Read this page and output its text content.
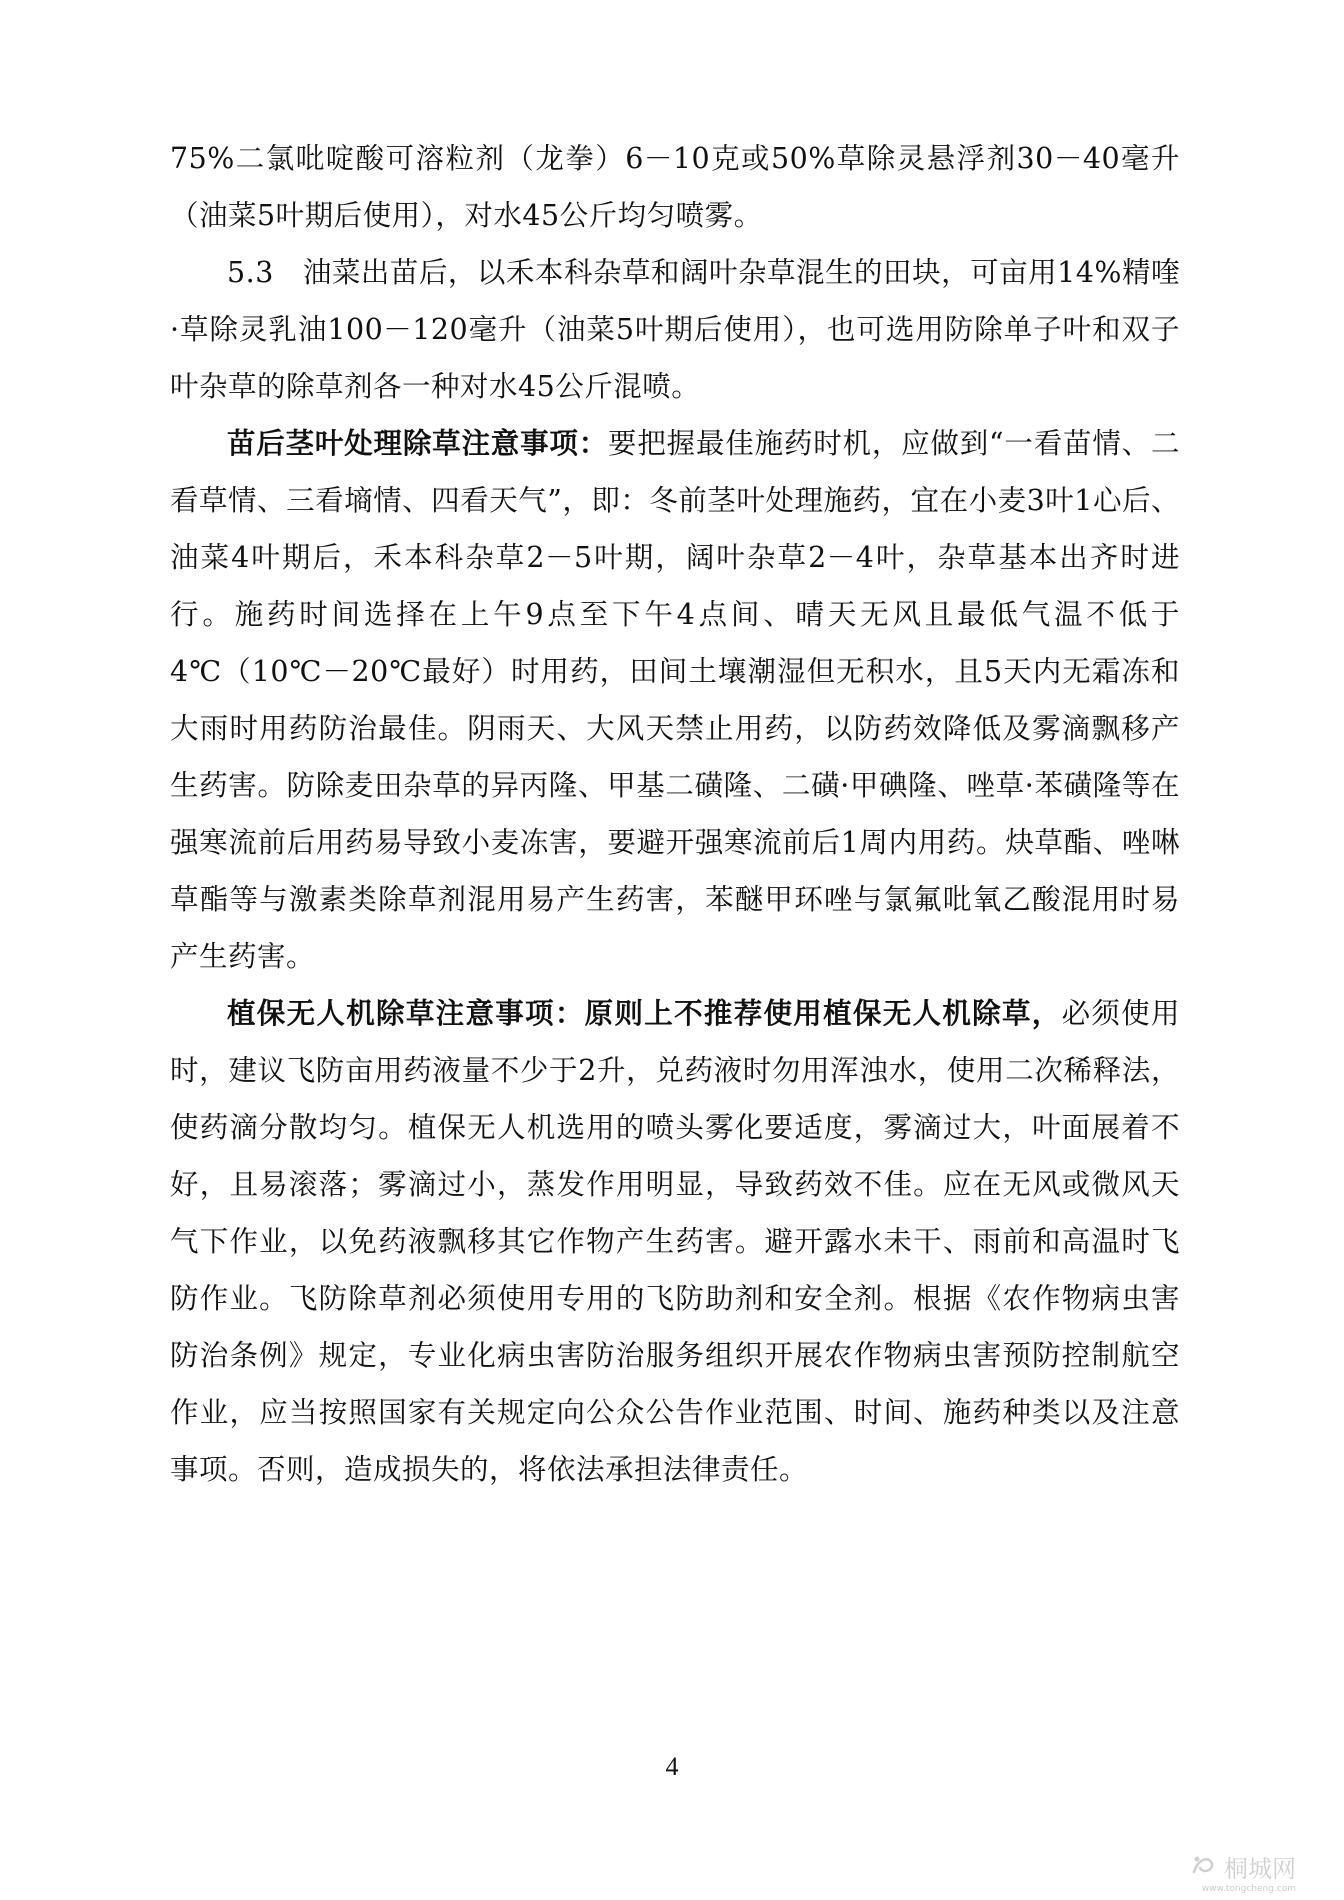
75%二氯吡啶酸可溶粒剂（龙拳）6－10克或50%草除灵悬浮剂30－40毫升（油菜5叶期后使用），对水45公斤均匀喷雾。

5.3　油菜出苗后，以禾本科杂草和阔叶杂草混生的田块，可亩用14%精喹·草除灵乳油100－120毫升（油菜5叶期后使用），也可选用防除单子叶和双子叶杂草的除草剂各一种对水45公斤混喷。

苗后茎叶处理除草注意事项：要把握最佳施药时机，应做到“一看苗情、二看草情、三看墒情、四看天气”，即：冬前茎叶处理施药，宜在小麦3叶1心后、油菜4叶期后，禾本科杂草2－5叶期，阔叶杂草2－4叶，杂草基本出齐时进行。施药时间选择在上午9点至下午4点间、晴天无风且最低气温不低于4℃（10℃－20℃最好）时用药，田间土壤潮湿但无积水，且5天内无霜冻和大雨时用药防治最佳。阴雨天、大风天禁止用药，以防药效降低及雾滴飘移产生药害。防除麦田杂草的异丙隆、甲基二磺隆、二磺·甲碘隆、唑草·苯磺隆等在强寒流前后用药易导致小麦冻害，要避开强寒流前后1周内用药。炔草酯、唑啉草酯等与激素类除草剂混用易产生药害，苯醚甲环唑与氯氟吡氧乙酸混用时易产生药害。

植保无人机除草注意事项：原则上不推荐使用植保无人机除草，必须使用时，建议飞防亩用药液量不少于2升，兑药液时勿用浑浊水，使用二次稀释法，使药滴分散均匀。植保无人机选用的喷头雾化要适度，雾滴过大，叶面展着不好，且易滚落；雾滴过小，蒸发作用明显，导致药效不佳。应在无风或微风天气下作业，以免药液飘移其它作物产生药害。避开露水未干、雨前和高温时飞防作业。飞防除草剂必须使用专用的飞防助剂和安全剂。根据《农作物病虫害防治条例》规定，专业化病虫害防治服务组织开展农作物病虫害预防控制航空作业，应当按照国家有关规定向公众公告作业范围、时间、施药种类以及注意事项。否则，造成损失的，将依法承担法律责任。

4
桐城网
www.tongcheng.com
